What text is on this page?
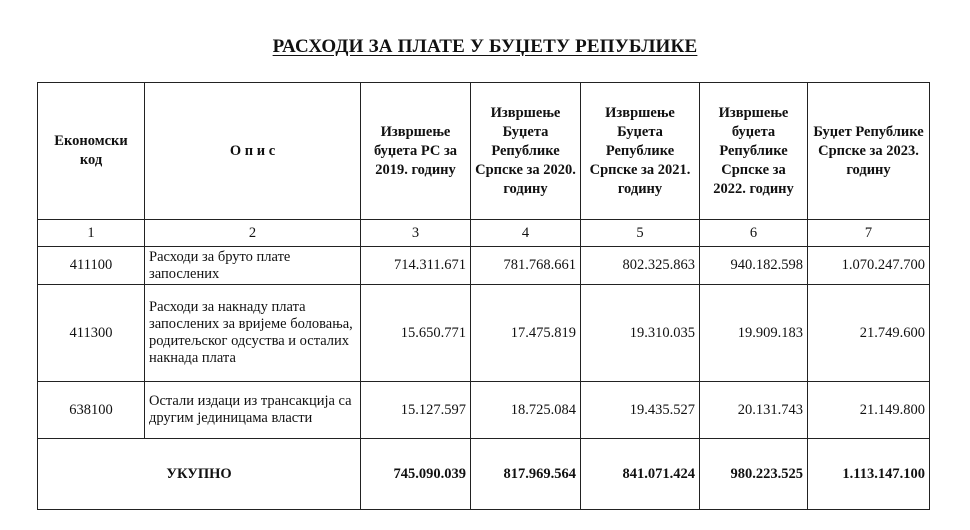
РАСХОДИ ЗА ПЛАТЕ У БУЏЕТУ РЕПУБЛИКЕ
Економски код	О п и с	Извршење буџета РС за 2019. годину	Извршење Буџета Републике Српске за 2020. годину	Извршење Буџета Републике Српске за 2021. годину	Извршење буџета Републике Српске за 2022. годину	Буџет Републике Српске за 2023. годину
1	2	3	4	5	6	7
411100	Расходи за бруто плате запослених	714.311.671	781.768.661	802.325.863	940.182.598	1.070.247.700
411300	Расходи за накнаду плата запослених за вријеме боловања, родитељског одсуства и осталих накнада плата	15.650.771	17.475.819	19.310.035	19.909.183	21.749.600
638100	Остали издаци из трансакција са другим јединицама власти	15.127.597	18.725.084	19.435.527	20.131.743	21.149.800
УКУПНО		745.090.039	817.969.564	841.071.424	980.223.525	1.113.147.100
